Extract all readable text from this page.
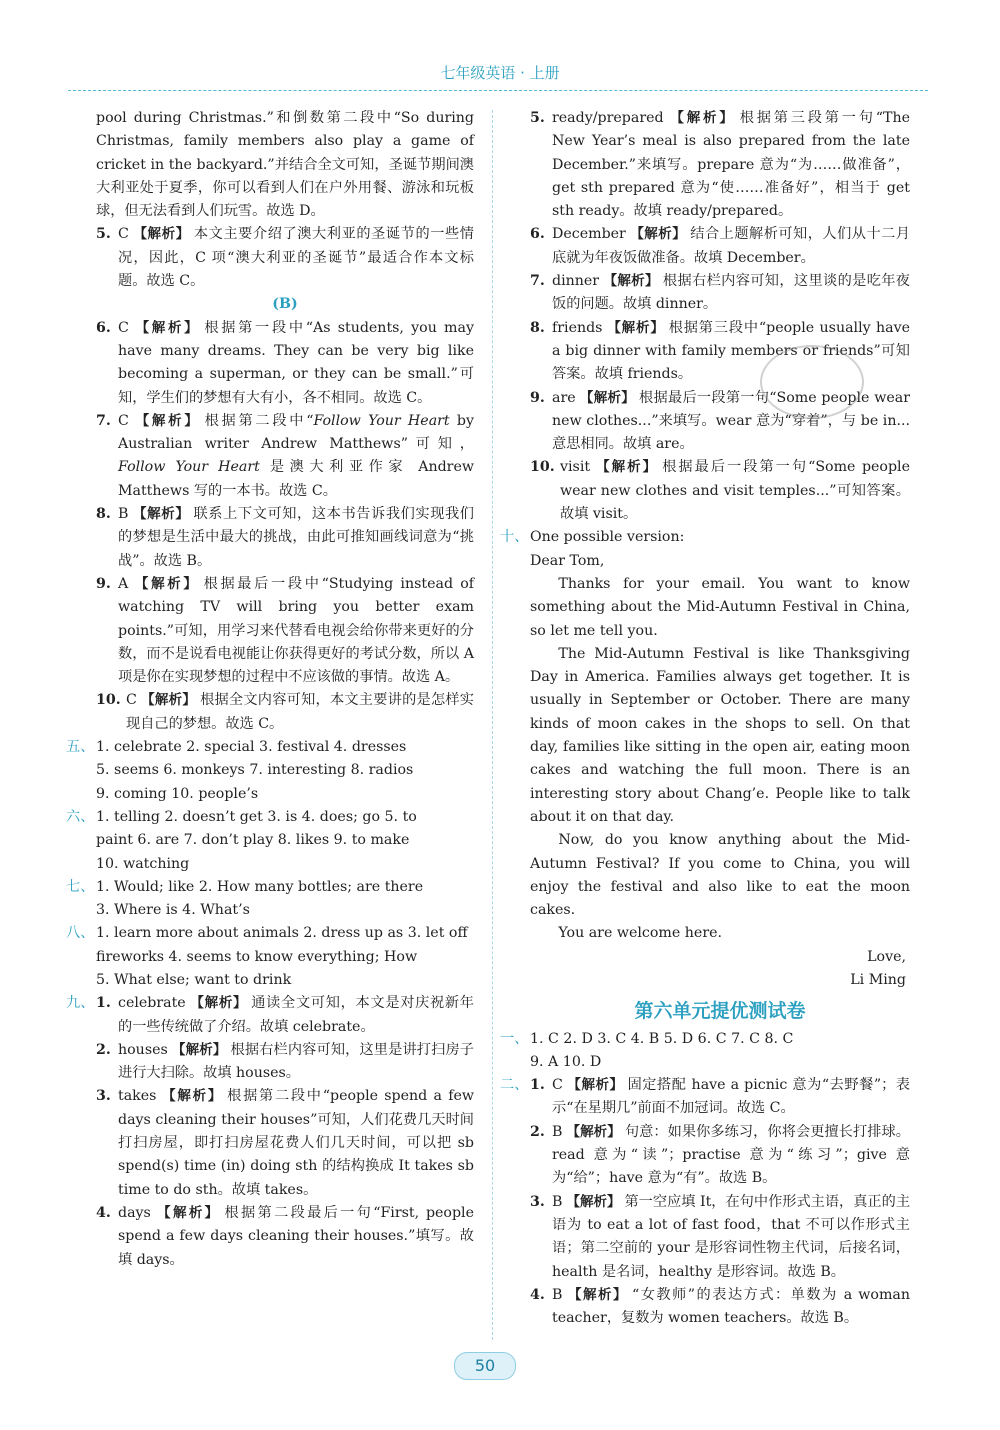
七年级英语 · 上册

pool during Christmas.”和倒数第二段中“So during Christmas, family members also play a game of cricket in the backyard.”并结合全文可知，圣诞节期间澳大利亚处于夏季，你可以看到人们在户外用餐、游泳和玩板球，但无法看到人们玩雪。故选 D。

5. C 【解析】 本文主要介绍了澳大利亚的圣诞节的一些情况，因此，C 项“澳大利亚的圣诞节”最适合作本文标题。故选 C。

(B)

6. C 【解析】 根据第一段中“As students, you may have many dreams. They can be very big like becoming a superman, or they can be small.”可知，学生们的梦想有大有小，各不相同。故选 C。

7. C 【解析】 根据第二段中“Follow Your Heart by Australian writer Andrew Matthews”可知，Follow Your Heart 是澳大利亚作家 Andrew Matthews 写的一本书。故选 C。

8. B 【解析】 联系上下文可知，这本书告诉我们实现我们的梦想是生活中最大的挑战，由此可推知画线词意为“挑战”。故选 B。

9. A 【解析】 根据最后一段中“Studying instead of watching TV will bring you better exam points.”可知，用学习来代替看电视会给你带来更好的分数，而不是说看电视能让你获得更好的考试分数，所以 A 项是你在实现梦想的过程中不应该做的事情。故选 A。

10. C 【解析】 根据全文内容可知，本文主要讲的是怎样实现自己的梦想。故选 C。

五、 1. celebrate 2. special 3. festival 4. dresses
5. seems 6. monkeys 7. interesting 8. radios
9. coming 10. people’s
六、 1. telling 2. doesn’t get 3. is 4. does; go 5. to
paint 6. are 7. don’t play 8. likes 9. to make
10. watching
七、 1. Would; like 2. How many bottles; are there
3. Where is 4. What’s
八、 1. learn more about animals 2. dress up as 3. let off
fireworks 4. seems to know everything; How
5. What else; want to drink
九、 1. celebrate 【解析】 通读全文可知，本文是对庆祝新年的一些传统做了介绍。故填 celebrate。

2. houses 【解析】 根据右栏内容可知，这里是讲打扫房子进行大扫除。故填 houses。

3. takes 【解析】 根据第二段中“people spend a few days cleaning their houses”可知，人们花费几天时间打扫房屋，即打扫房屋花费人们几天时间，可以把 sb spend(s) time (in) doing sth 的结构换成 It takes sb time to do sth。故填 takes。

4. days 【解析】 根据第二段最后一句“First, people spend a few days cleaning their houses.”填写。故填 days。

5. ready/prepared 【解析】 根据第三段第一句“The New Year’s meal is also prepared from the late December.”来填写。prepare 意为“为……做准备”，get sth prepared 意为“使……准备好”，相当于 get sth ready。故填 ready/prepared。

6. December 【解析】 结合上题解析可知，人们从十二月底就为年夜饭做准备。故填 December。

7. dinner 【解析】 根据右栏内容可知，这里谈的是吃年夜饭的问题。故填 dinner。

8. friends 【解析】 根据第三段中“people usually have a big dinner with family members or friends”可知答案。故填 friends。

9. are 【解析】 根据最后一段第一句“Some people wear new clothes...”来填写。wear 意为“穿着”，与 be in...意思相同。故填 are。

10. visit 【解析】 根据最后一段第一句“Some people wear new clothes and visit temples...”可知答案。故填 visit。

十、 One possible version:

Dear Tom,

Thanks for your email. You want to know something about the Mid-Autumn Festival in China, so let me tell you.

The Mid-Autumn Festival is like Thanksgiving Day in America. Families always get together. It is usually in September or October. There are many kinds of moon cakes in the shops to sell. On that day, families like sitting in the open air, eating moon cakes and watching the full moon. There is an interesting story about Chang’e. People like to talk about it on that day.

Now, do you know anything about the Mid-Autumn Festival? If you come to China, you will enjoy the festival and also like to eat the moon cakes.

You are welcome here.

Love,

Li Ming

第六单元提优测试卷
一、 1. C 2. D 3. C 4. B 5. D 6. C 7. C 8. C
9. A 10. D
二、 1. C 【解析】 固定搭配 have a picnic 意为“去野餐”；表示“在星期几”前面不加冠词。故选 C。

2. B 【解析】 句意：如果你多练习，你将会更擅长打排球。read 意为“读”；practise 意为“练习”；give 意为“给”；have 意为“有”。故选 B。

3. B 【解析】 第一空应填 It，在句中作形式主语，真正的主语为 to eat a lot of fast food，that 不可以作形式主语；第二空前的 your 是形容词性物主代词，后接名词，health 是名词，healthy 是形容词。故选 B。

4. B 【解析】 “女教师”的表达方式：单数为 a woman teacher，复数为 women teachers。故选 B。

50
